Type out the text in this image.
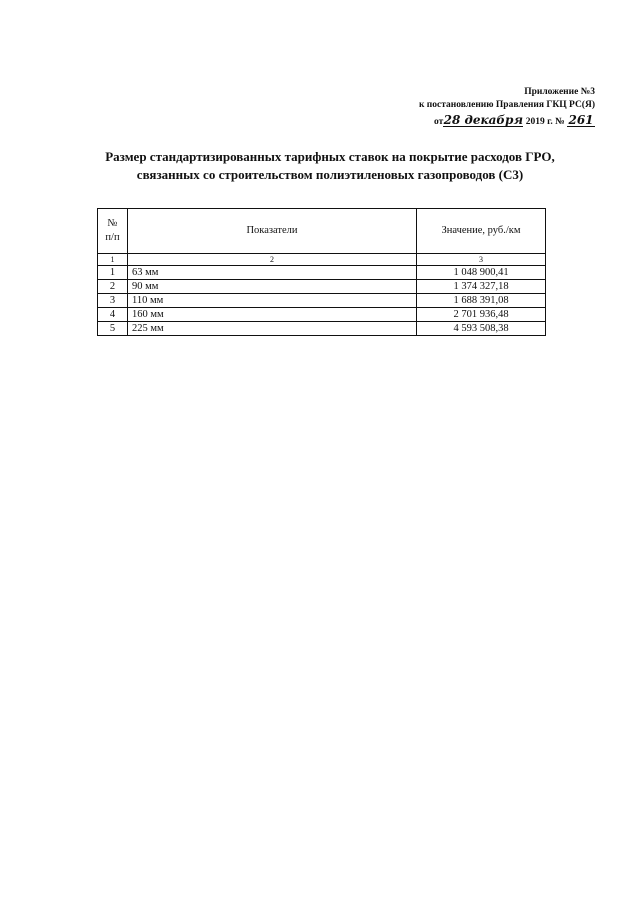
Приложение №3
к постановлению Правления ГКЦ РС(Я)
от28 декабря 2019 г. № 261
Размер стандартизированных тарифных ставок на покрытие расходов ГРО,
связанных со строительством полиэтиленовых газопроводов (С3)
№ п/п	Показатели	Значение, руб./км
1	2	3
1	63 мм	1 048 900,41
2	90 мм	1 374 327,18
3	110 мм	1 688 391,08
4	160 мм	2 701 936,48
5	225 мм	4 593 508,38
